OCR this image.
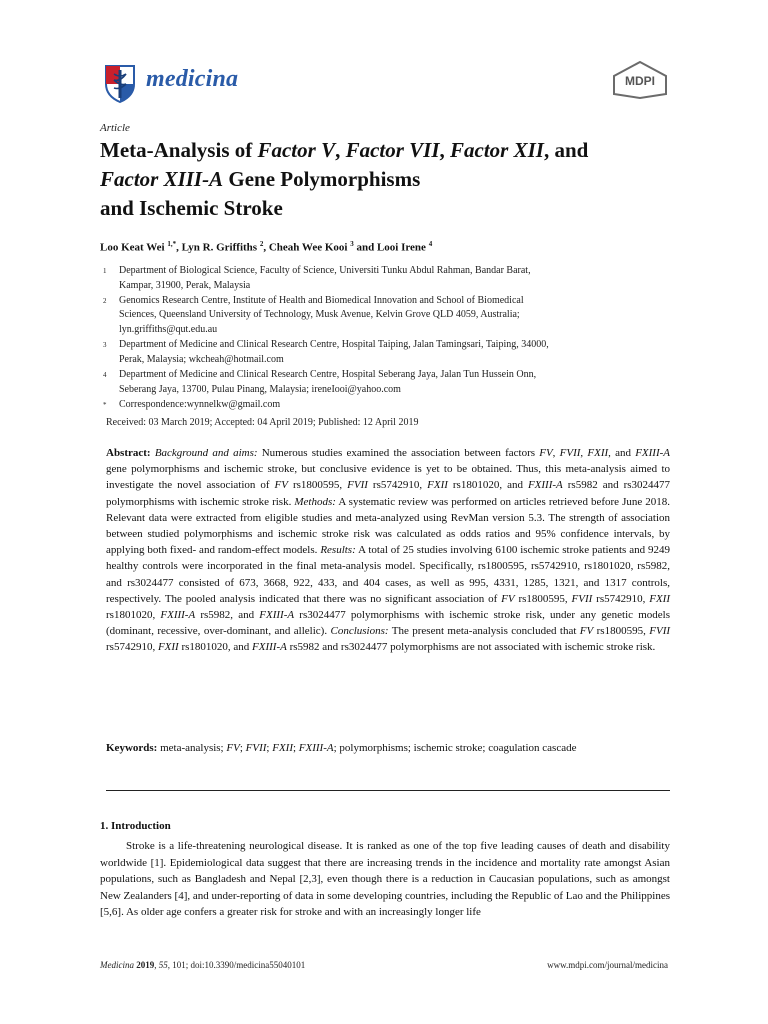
medicina	MDPI
Article
Meta-Analysis of Factor V, Factor VII, Factor XII, and
Factor XIII-A Gene Polymorphisms
and Ischemic Stroke
Loo Keat Wei $^{1,*}$, Lyn R. Griffiths $^2$, Cheah Wee Kooi $^3$ and Looi Irene $^4$
1 Department of Biological Science, Faculty of Science, Universiti Tunku Abdul Rahman, Bandar Barat,
Kampar, 31900, Perak, Malaysia
2 Genomics Research Centre, Institute of Health and Biomedical Innovation and School of Biomedical
Sciences, Queensland University of Technology, Musk Avenue, Kelvin Grove QLD 4059, Australia;
lyn.griffiths@qut.edu.au
3 Department of Medicine and Clinical Research Centre, Hospital Taiping, Jalan Tamingsari, Taiping, 34000,
Perak, Malaysia; wkcheah@hotmail.com
4 Department of Medicine and Clinical Research Centre, Hospital Seberang Jaya, Jalan Tun Hussein Onn,
Seberang Jaya, 13700, Pulau Pinang, Malaysia; ireneIooi@yahoo.com
* Correspondence:wynnelkw@gmail.com
Received: 03 March 2019; Accepted: 04 April 2019; Published: 12 April 2019
Abstract: Background and aims: Numerous studies examined the association between factors FV, FVII, FXII, and FXIII-A gene polymorphisms and ischemic stroke, but conclusive evidence is yet to be obtained. Thus, this meta-analysis aimed to investigate the novel association of FV rs1800595, FVII rs5742910, FXII rs1801020, and FXIII-A rs5982 and rs3024477 polymorphisms with ischemic stroke risk. Methods: A systematic review was performed on articles retrieved before June 2018. Relevant data were extracted from eligible studies and meta-analyzed using RevMan version 5.3. The strength of association between studied polymorphisms and ischemic stroke risk was calculated as odds ratios and 95% confidence intervals, by applying both fixed- and random-effect models. Results: A total of 25 studies involving 6100 ischemic stroke patients and 9249 healthy controls were incorporated in the final meta-analysis model. Specifically, rs1800595, rs5742910, rs1801020, rs5982, and rs3024477 consisted of 673, 3668, 922, 433, and 404 cases, as well as 995, 4331, 1285, 1321, and 1317 controls, respectively. The pooled analysis indicated that there was no significant association of FV rs1800595, FVII rs5742910, FXII rs1801020, FXIII-A rs5982, and FXIII-A rs3024477 polymorphisms with ischemic stroke risk, under any genetic models (dominant, recessive, over-dominant, and allelic). Conclusions: The present meta-analysis concluded that FV rs1800595, FVII rs5742910, FXII rs1801020, and FXIII-A rs5982 and rs3024477 polymorphisms are not associated with ischemic stroke risk.
Keywords: meta-analysis; FV; FVII; FXII; FXIII-A; polymorphisms; ischemic stroke; coagulation cascade
1. Introduction
Stroke is a life-threatening neurological disease. It is ranked as one of the top five leading causes of death and disability worldwide [1]. Epidemiological data suggest that there are increasing trends in the incidence and mortality rate amongst Asian populations, such as Bangladesh and Nepal [2,3], even though there is a reduction in Caucasian populations, such as amongst New Zealanders [4], and under-reporting of data in some developing countries, including the Republic of Lao and the Philippines [5,6]. As older age confers a greater risk for stroke and with an increasingly longer life
Medicina 2019, 55, 101; doi:10.3390/medicina55040101	www.mdpi.com/journal/medicina
